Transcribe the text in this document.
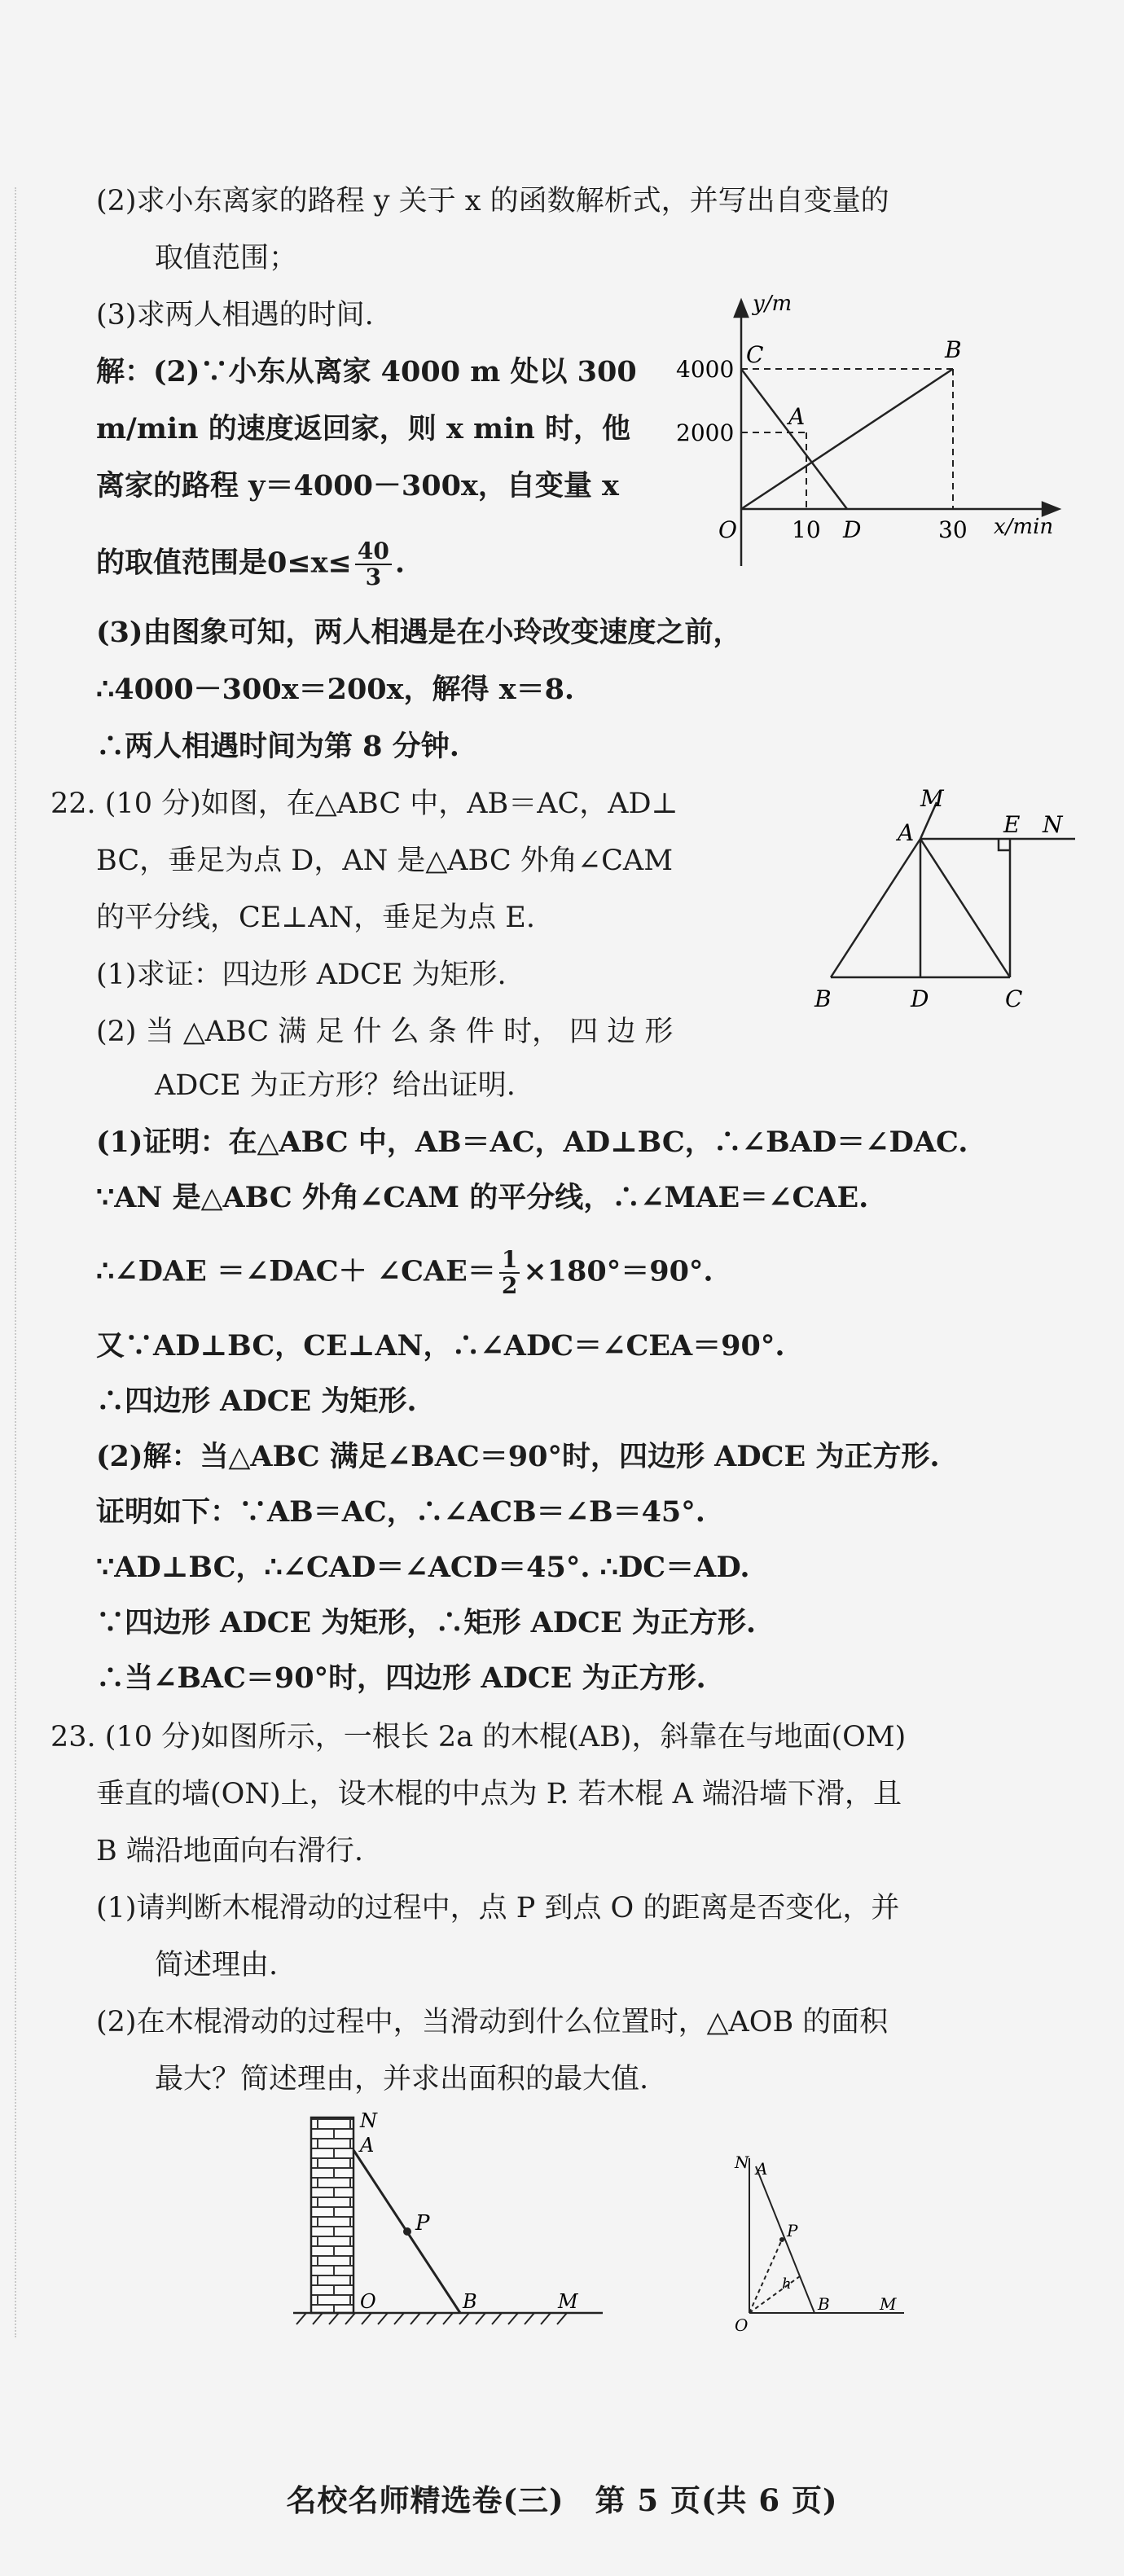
(2)求小东离家的路程 y 关于 x 的函数解析式，并写出自变量的
取值范围；
(3)求两人相遇的时间.
解：(2)∵小东从离家 4000 m 处以 300
m/min 的速度返回家，则 x min 时，他
离家的路程 y＝4000－300x，自变量 x
的取值范围是$0\le x\le \frac{40}{3}$ .
y/m
x/min
4000
2000
10	30
O
C
A
B
D
(3)由图象可知，两人相遇是在小玲改变速度之前，
∴4000－300x＝200x，解得 x＝8.
∴两人相遇时间为第 8 分钟.
22. (10 分)如图，在△ABC 中，AB＝AC，AD⊥
BC，垂足为点 D，AN 是△ABC 外角∠CAM
的平分线，CE⊥AN，垂足为点 E.
(1)求证：四边形 ADCE 为矩形.
(2) 当 △ABC 满 足 什 么 条 件 时， 四 边 形
ADCE 为正方形？给出证明.
M
A	E N
B	D	C
(1)证明：在△ABC 中，AB＝AC，AD⊥BC，∴∠BAD＝∠DAC.
∵AN 是△ABC 外角∠CAM 的平分线，∴∠MAE＝∠CAE.
∴∠DAE ＝∠DAC＋ ∠CAE＝ $\frac{1}{2} \times 180^\circ=90^\circ$.
又∵AD⊥BC，CE⊥AN，∴∠ADC＝∠CEA＝90°.
∴四边形 ADCE 为矩形.
(2)解：当△ABC 满足∠BAC＝90°时，四边形 ADCE 为正方形.
证明如下：∵AB＝AC，∴∠ACB＝∠B＝45°.
∵AD⊥BC，∴∠CAD＝∠ACD＝45°. ∴DC＝AD.
∵四边形 ADCE 为矩形，∴矩形 ADCE 为正方形.
∴当∠BAC＝90°时，四边形 ADCE 为正方形.
23. (10 分)如图所示，一根长 2a 的木棍(AB)，斜靠在与地面(OM)
垂直的墙(ON)上，设木棍的中点为 P. 若木棍 A 端沿墙下滑，且
B 端沿地面向右滑行.
(1)请判断木棍滑动的过程中，点 P 到点 O 的距离是否变化，并
简述理由.
(2)在木棍滑动的过程中，当滑动到什么位置时，△AOB 的面积
最大？简述理由，并求出面积的最大值.
N
A
P
O	B	M
N A
P
h
O
B	M
名校名师精选卷(三)　第 5 页(共 6 页)
